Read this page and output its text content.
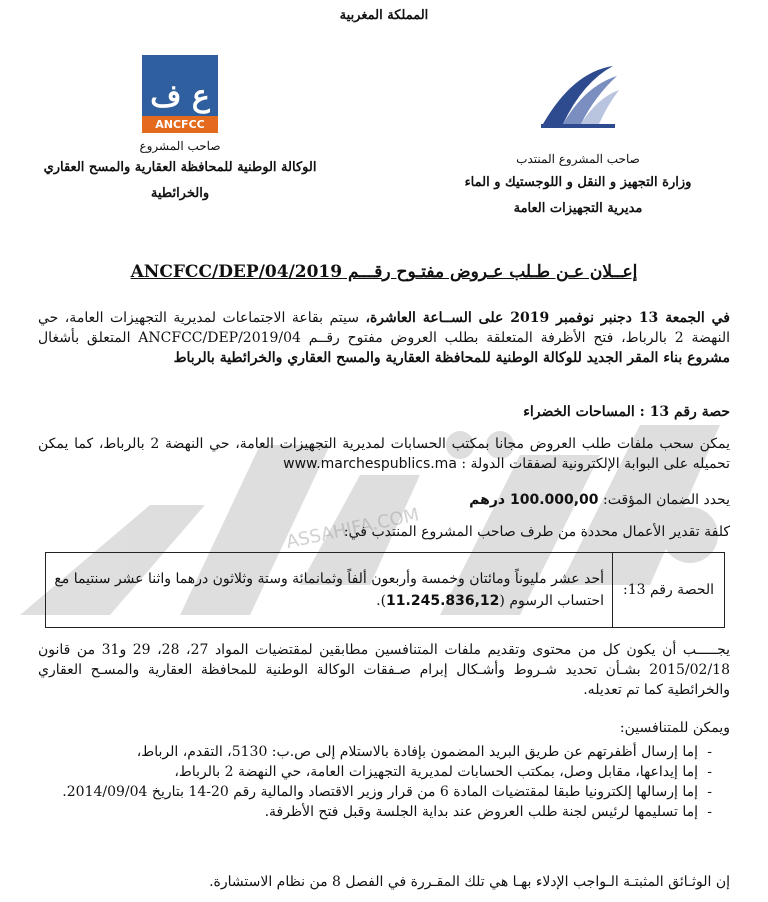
ASSAHIFA.COM
المملكة المغربية
ع ف
ANCFCC
صاحب المشروع
الوكالة الوطنية للمحافظة العقارية والمسح العقاري
والخرائطية
صاحب المشروع المنتدب
وزارة التجهيز و النقل و اللوجستيك و الماء
مديرية التجهيزات العامة
إعــلان عـن طـلب عـروض مفتـوح رقـــم 04/2019/ANCFCC/DEP
في الجمعة 13 دجنبر نوفمبر 2019 على الســاعة العاشرة، سيتم بقاعة الاجتماعات لمديرية التجهيزات العامة، حي النهضة 2 بالرباط، فتح الأظرفة المتعلقة بطلب العروض مفتوح رقــم ANCFCC/DEP/2019/04 المتعلق بأشغال مشروع بناء المقر الجديد للوكالة الوطنية للمحافظة العقارية والمسح العقاري والخرائطية بالرباط
حصة رقم 13 : المساحات الخضراء
يمكن سحب ملفات طلب العروض مجانا بمكتب الحسابات لمديرية التجهيزات العامة، حي النهضة 2 بالرباط، كما يمكن تحميله على البوابة الإلكترونية لصفقات الدولة : www.marchespublics.ma
يحدد الضمان المؤقت: 100.000,00 درهم
كلفة تقدير الأعمال محددة من طرف صاحب المشروع المنتدب في:
الحصة رقم 13:	أحد عشر مليوناً ومائتان وخمسة وأربعون ألفاً وثمانمائة وستة وثلاثون درهما واثنا عشر سنتيما مع احتساب الرسوم (11.245.836,12).
يجـــــب أن يكون كل من محتوى وتقديم ملفات المتنافسين مطابقين لمقتضيات المواد 27، 28، 29 و31 من قانون 2015/02/18 بشـأن تحديد شـروط وأشـكال إبرام صـفقات الوكالة الوطنية للمحافظة العقارية والمسـح العقاري والخرائطية كما تم تعديله.
ويمكن للمتنافسين:
- إما إرسال أظفرتهم عن طريق البريد المضمون بإفادة بالاستلام إلى ص.ب: 5130، التقدم، الرباط،
- إما إيداعها، مقابل وصل، بمكتب الحسابات لمديرية التجهيزات العامة، حي النهضة 2 بالرباط،
- إما إرسالها إلكترونيا طبقا لمقتضيات المادة 6 من قرار وزير الاقتصاد والمالية رقم 20-14 بتاريخ 2014/09/04.
- إما تسليمها لرئيس لجنة طلب العروض عند بداية الجلسة وقبل فتح الأظرفة.
إن الوثـائق المثبتـة الـواجب الإدلاء بهـا هي تلك المقـررة في الفصل 8 من نظام الاستشارة.
